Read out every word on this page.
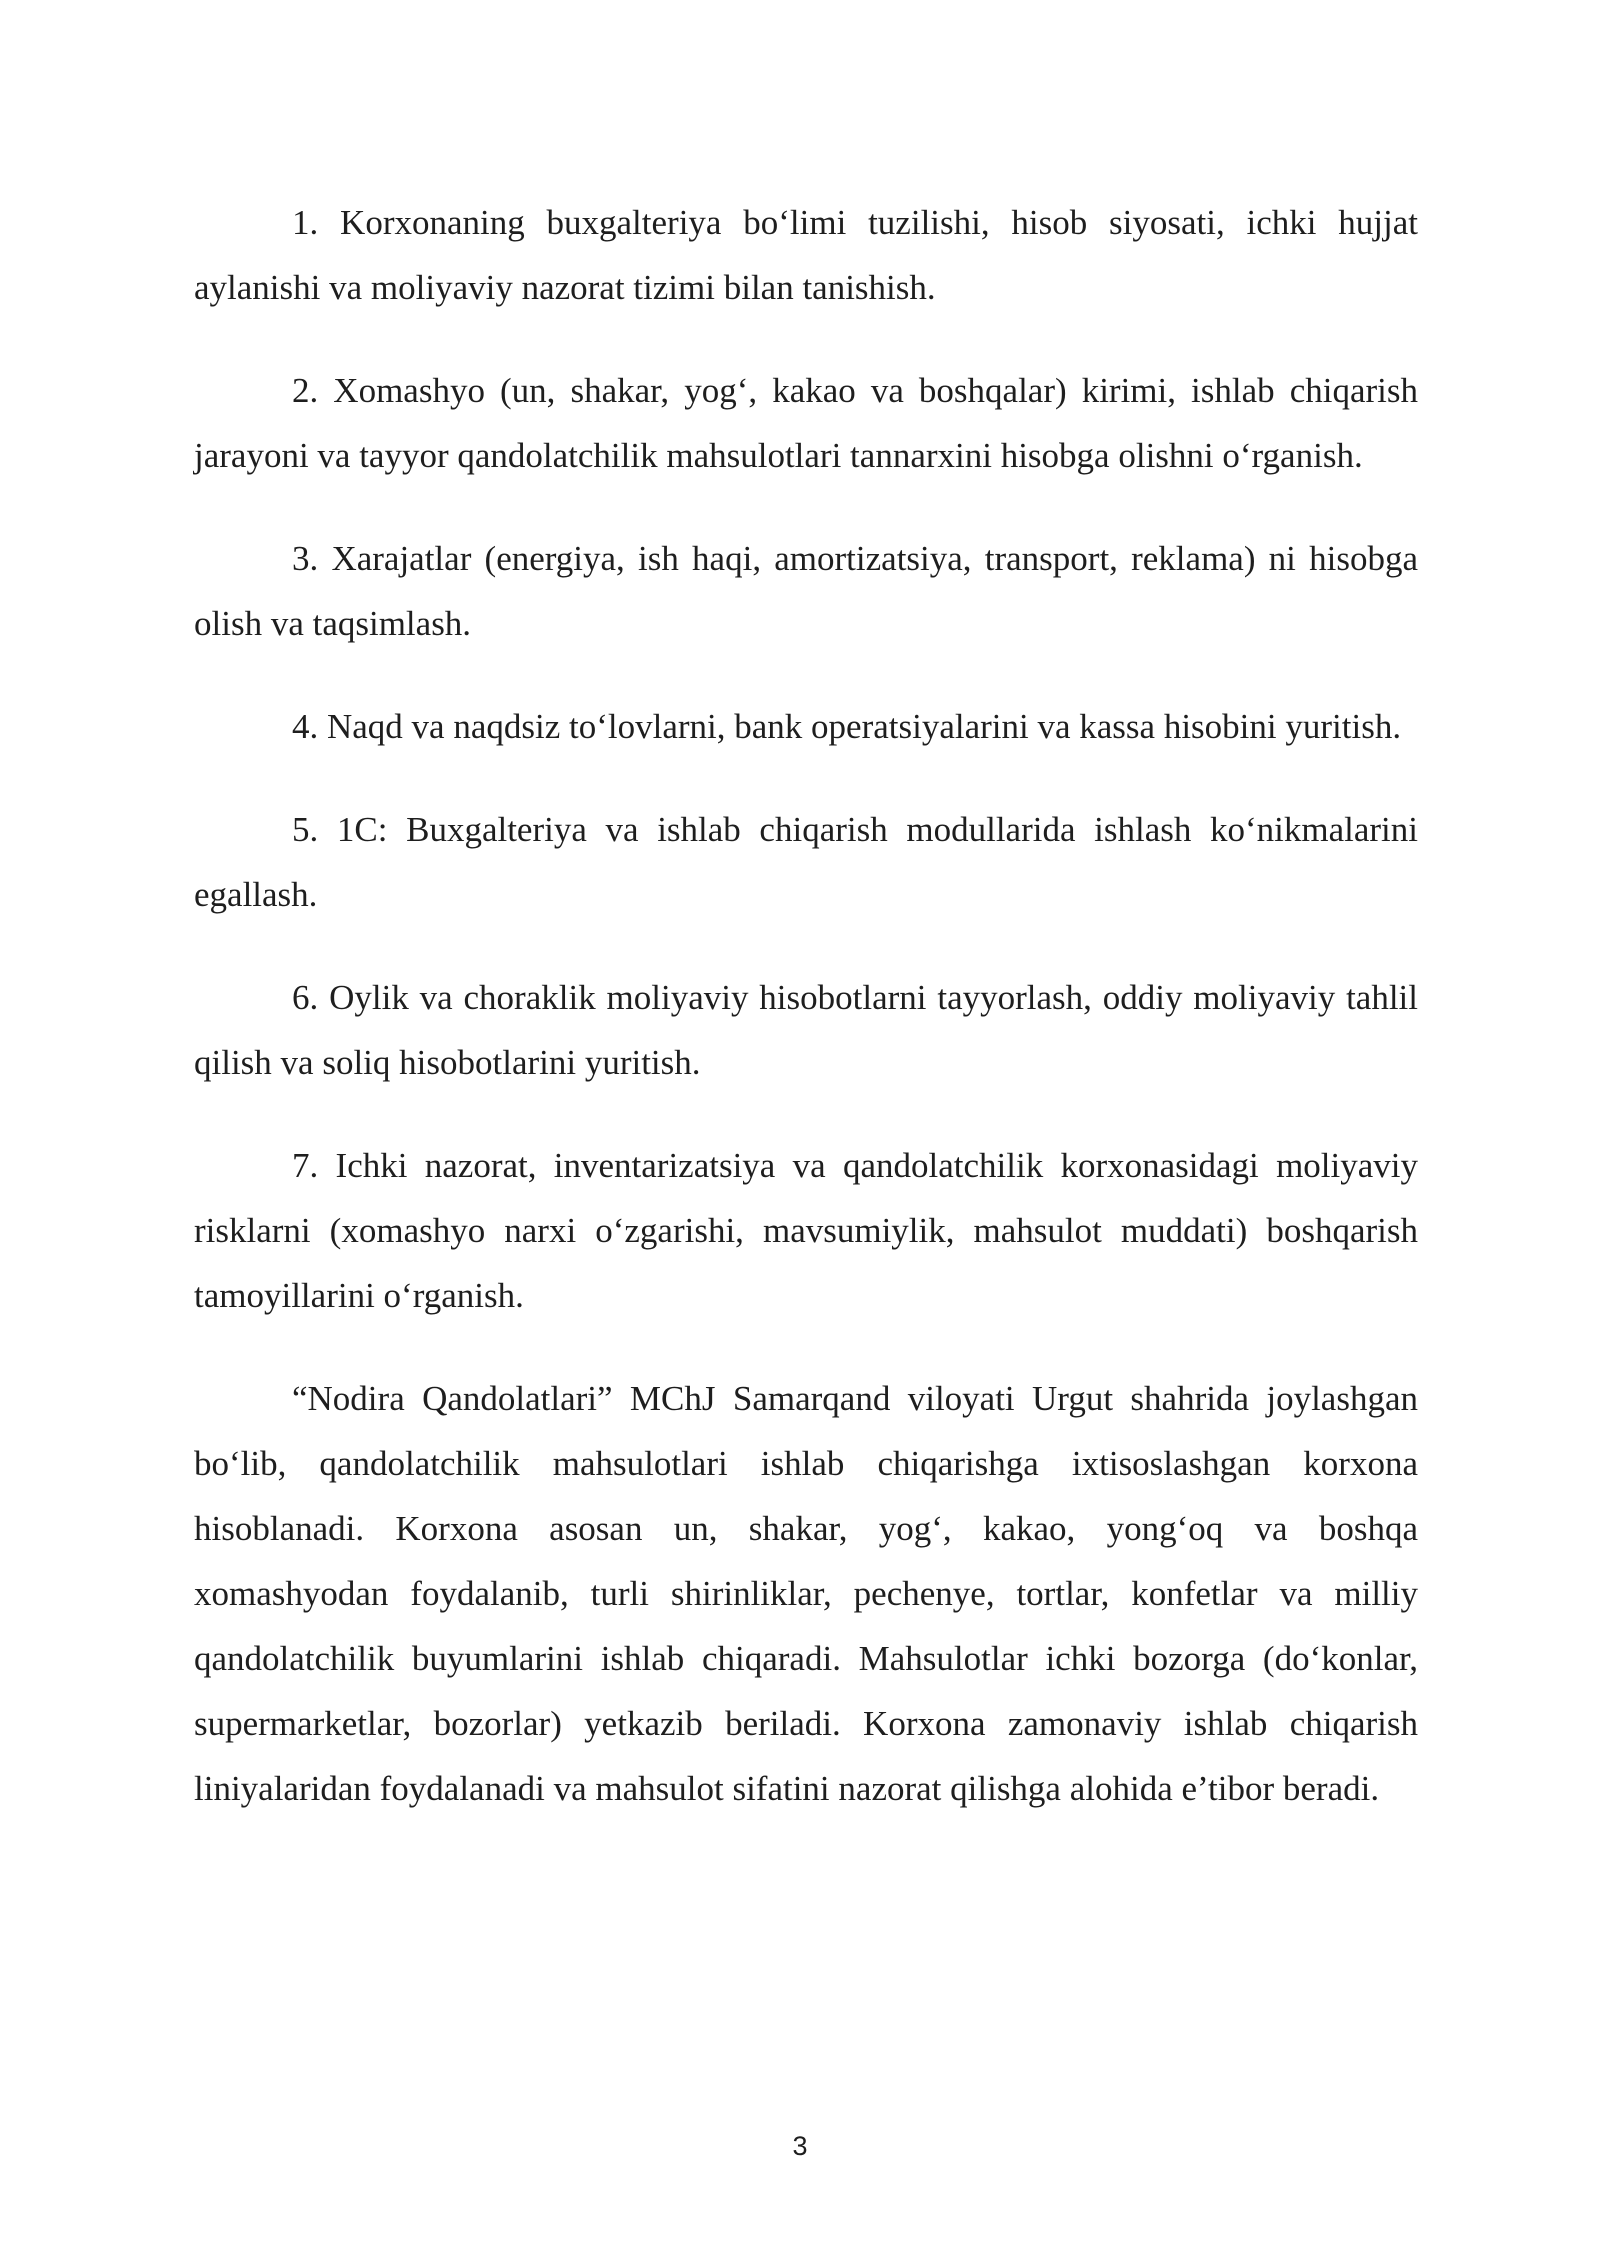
1. Korxonaning buxgalteriya bo‘limi tuzilishi, hisob siyosati, ichki hujjat aylanishi va moliyaviy nazorat tizimi bilan tanishish.

2. Xomashyo (un, shakar, yog‘, kakao va boshqalar) kirimi, ishlab chiqarish jarayoni va tayyor qandolatchilik mahsulotlari tannarxini hisobga olishni o‘rganish.

3. Xarajatlar (energiya, ish haqi, amortizatsiya, transport, reklama) ni hisobga olish va taqsimlash.

4. Naqd va naqdsiz to‘lovlarni, bank operatsiyalarini va kassa hisobini yuritish.

5. 1C: Buxgalteriya va ishlab chiqarish modullarida ishlash ko‘nikmalarini egallash.

6. Oylik va choraklik moliyaviy hisobotlarni tayyorlash, oddiy moliyaviy tahlil qilish va soliq hisobotlarini yuritish.

7. Ichki nazorat, inventarizatsiya va qandolatchilik korxonasidagi moliyaviy risklarni (xomashyo narxi o‘zgarishi, mavsumiylik, mahsulot muddati) boshqarish tamoyillarini o‘rganish.

“Nodira Qandolatlari” MChJ Samarqand viloyati Urgut shahrida joylashgan bo‘lib, qandolatchilik mahsulotlari ishlab chiqarishga ixtisoslashgan korxona hisoblanadi. Korxona asosan un, shakar, yog‘, kakao, yong‘oq va boshqa xomashyodan foydalanib, turli shirinliklar, pechenye, tortlar, konfetlar va milliy qandolatchilik buyumlarini ishlab chiqaradi. Mahsulotlar ichki bozorga (do‘konlar, supermarketlar, bozorlar) yetkazib beriladi. Korxona zamonaviy ishlab chiqarish liniyalaridan foydalanadi va mahsulot sifatini nazorat qilishga alohida e’tibor beradi.

3
